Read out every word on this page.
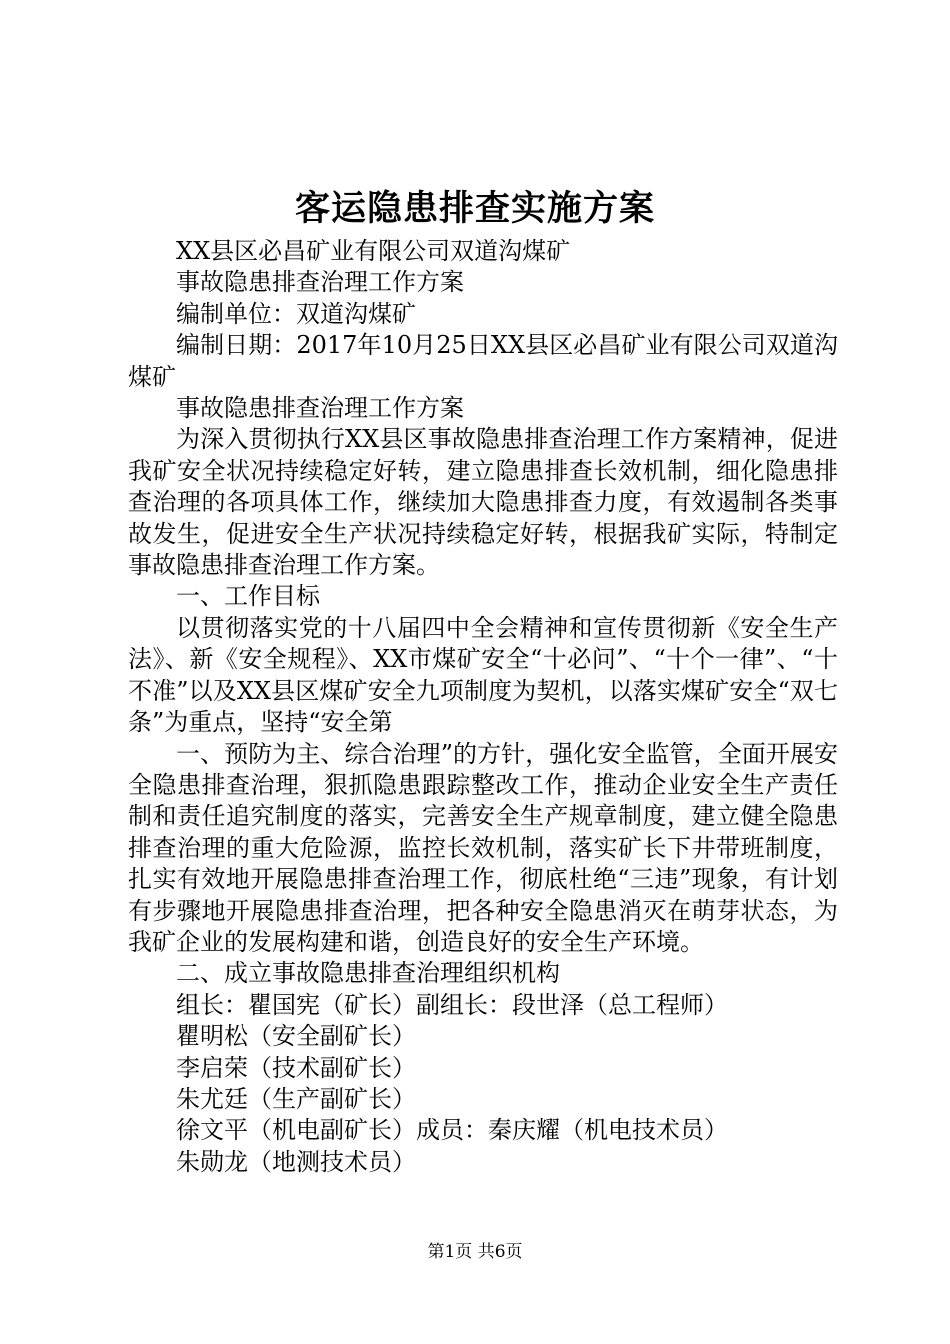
客运隐患排查实施方案

XX县区必昌矿业有限公司双道沟煤矿

事故隐患排查治理工作方案

编制单位：双道沟煤矿

编制日期：2017年10月25日XX县区必昌矿业有限公司双道沟煤矿

事故隐患排查治理工作方案

为深入贯彻执行XX县区事故隐患排查治理工作方案精神，促进我矿安全状况持续稳定好转，建立隐患排查长效机制，细化隐患排查治理的各项具体工作，继续加大隐患排查力度，有效遏制各类事故发生，促进安全生产状况持续稳定好转，根据我矿实际，特制定事故隐患排查治理工作方案。

一、工作目标

以贯彻落实党的十八届四中全会精神和宣传贯彻新《安全生产法》、新《安全规程》、XX市煤矿安全“十必问”、“十个一律”、“十不准”以及XX县区煤矿安全九项制度为契机，以落实煤矿安全“双七条”为重点，坚持“安全第

一、预防为主、综合治理”的方针，强化安全监管，全面开展安全隐患排查治理，狠抓隐患跟踪整改工作，推动企业安全生产责任制和责任追究制度的落实，完善安全生产规章制度，建立健全隐患排查治理的重大危险源，监控长效机制，落实矿长下井带班制度，扎实有效地开展隐患排查治理工作，彻底杜绝“三违”现象，有计划有步骤地开展隐患排查治理，把各种安全隐患消灭在萌芽状态，为我矿企业的发展构建和谐，创造良好的安全生产环境。

二、成立事故隐患排查治理组织机构

组长：瞿国宪（矿长）副组长：段世泽（总工程师）

瞿明松（安全副矿长）

李启荣（技术副矿长）

朱尤廷（生产副矿长）

徐文平（机电副矿长）成员：秦庆耀（机电技术员）

朱勋龙（地测技术员）

第1页 共6页
